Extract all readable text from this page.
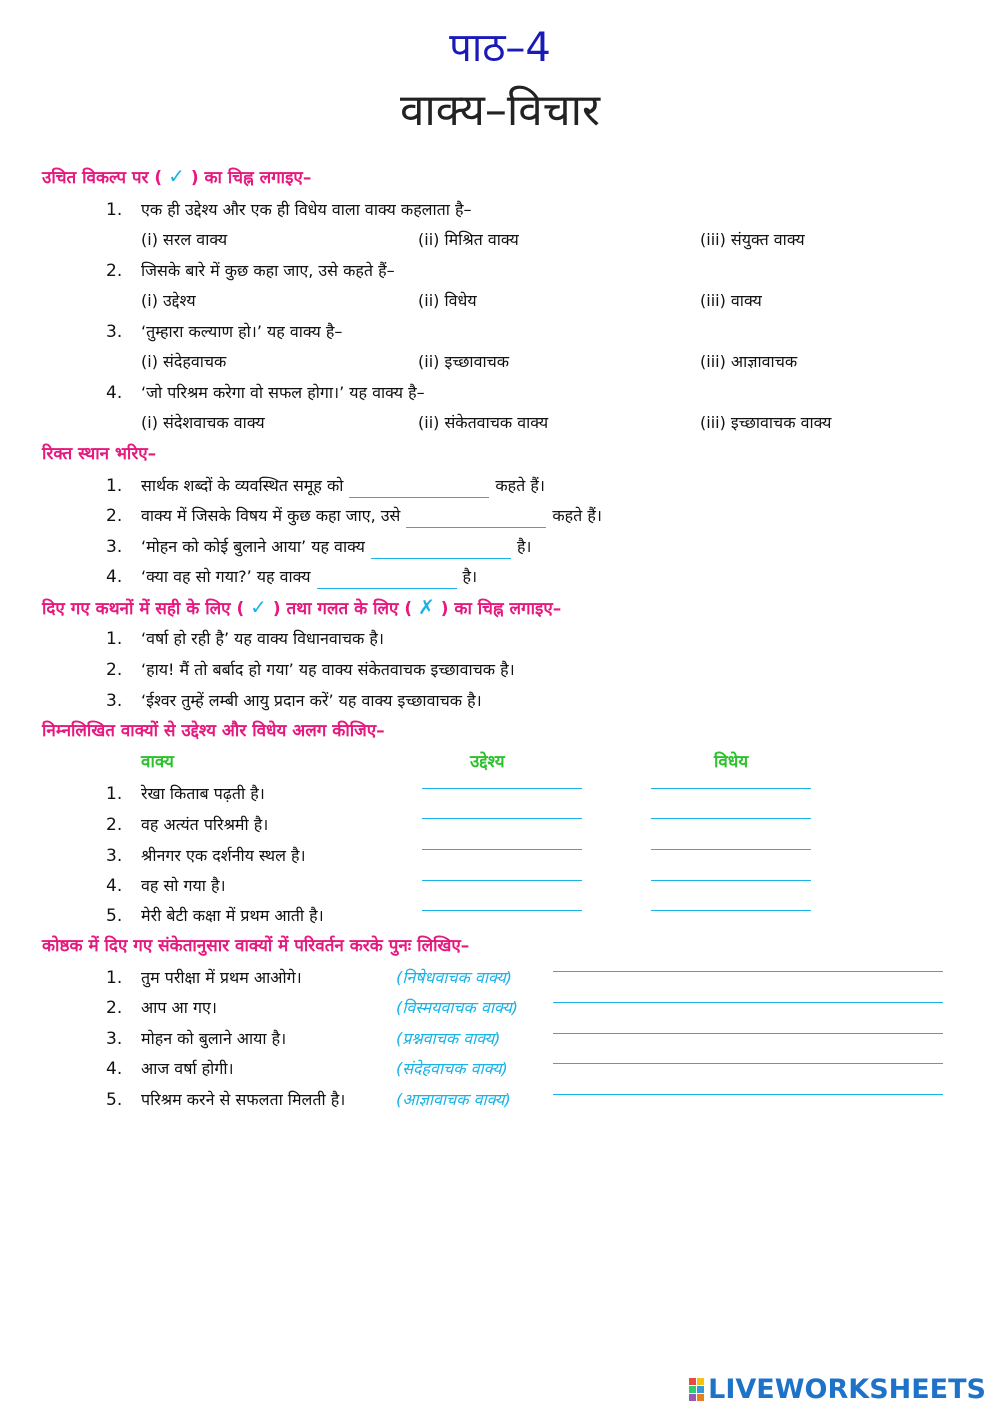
पाठ–4
वाक्य–विचार
उचित विकल्प पर ( ✓ ) का चिह्न लगाइए–
1. एक ही उद्देश्य और एक ही विधेय वाला वाक्य कहलाता है–
(i) सरल वाक्य	(ii) मिश्रित वाक्य	(iii) संयुक्त वाक्य
2. जिसके बारे में कुछ कहा जाए, उसे कहते हैं–
(i) उद्देश्य	(ii) विधेय	(iii) वाक्य
3. ‘तुम्हारा कल्याण हो।’ यह वाक्य है–
(i) संदेहवाचक	(ii) इच्छावाचक	(iii) आज्ञावाचक
4. ‘जो परिश्रम करेगा वो सफल होगा।’ यह वाक्य है–
(i) संदेशवाचक वाक्य	(ii) संकेतवाचक वाक्य	(iii) इच्छावाचक वाक्य
रिक्त स्थान भरिए–
1. सार्थक शब्दों के व्यवस्थित समूह को	कहते हैं।
2. वाक्य में जिसके विषय में कुछ कहा जाए, उसे	कहते हैं।
3. ‘मोहन को कोई बुलाने आया’ यह वाक्य	है।
4. ‘क्या वह सो गया?’ यह वाक्य	है।
दिए गए कथनों में सही के लिए ( ✓ ) तथा गलत के लिए ( ✗ ) का चिह्न लगाइए–
1. ‘वर्षा हो रही है’ यह वाक्य विधानवाचक है।
2. ‘हाय! मैं तो बर्बाद हो गया’ यह वाक्य संकेतवाचक इच्छावाचक है।
3. ‘ईश्वर तुम्हें लम्बी आयु प्रदान करें’ यह वाक्य इच्छावाचक है।
निम्नलिखित वाक्यों से उद्देश्य और विधेय अलग कीजिए–
वाक्य	उद्देश्य	विधेय
1. रेखा किताब पढ़ती है।
2. वह अत्यंत परिश्रमी है।
3. श्रीनगर एक दर्शनीय स्थल है।
4. वह सो गया है।
5. मेरी बेटी कक्षा में प्रथम आती है।
कोष्ठक में दिए गए संकेतानुसार वाक्यों में परिवर्तन करके पुनः लिखिए–
1. तुम परीक्षा में प्रथम आओगे।	(निषेधवाचक वाक्य)
2. आप आ गए।	(विस्मयवाचक वाक्य)
3. मोहन को बुलाने आया है।	(प्रश्नवाचक वाक्य)
4. आज वर्षा होगी।	(संदेहवाचक वाक्य)
5. परिश्रम करने से सफलता मिलती है।	(आज्ञावाचक वाक्य)
LIVEWORKSHEETS
